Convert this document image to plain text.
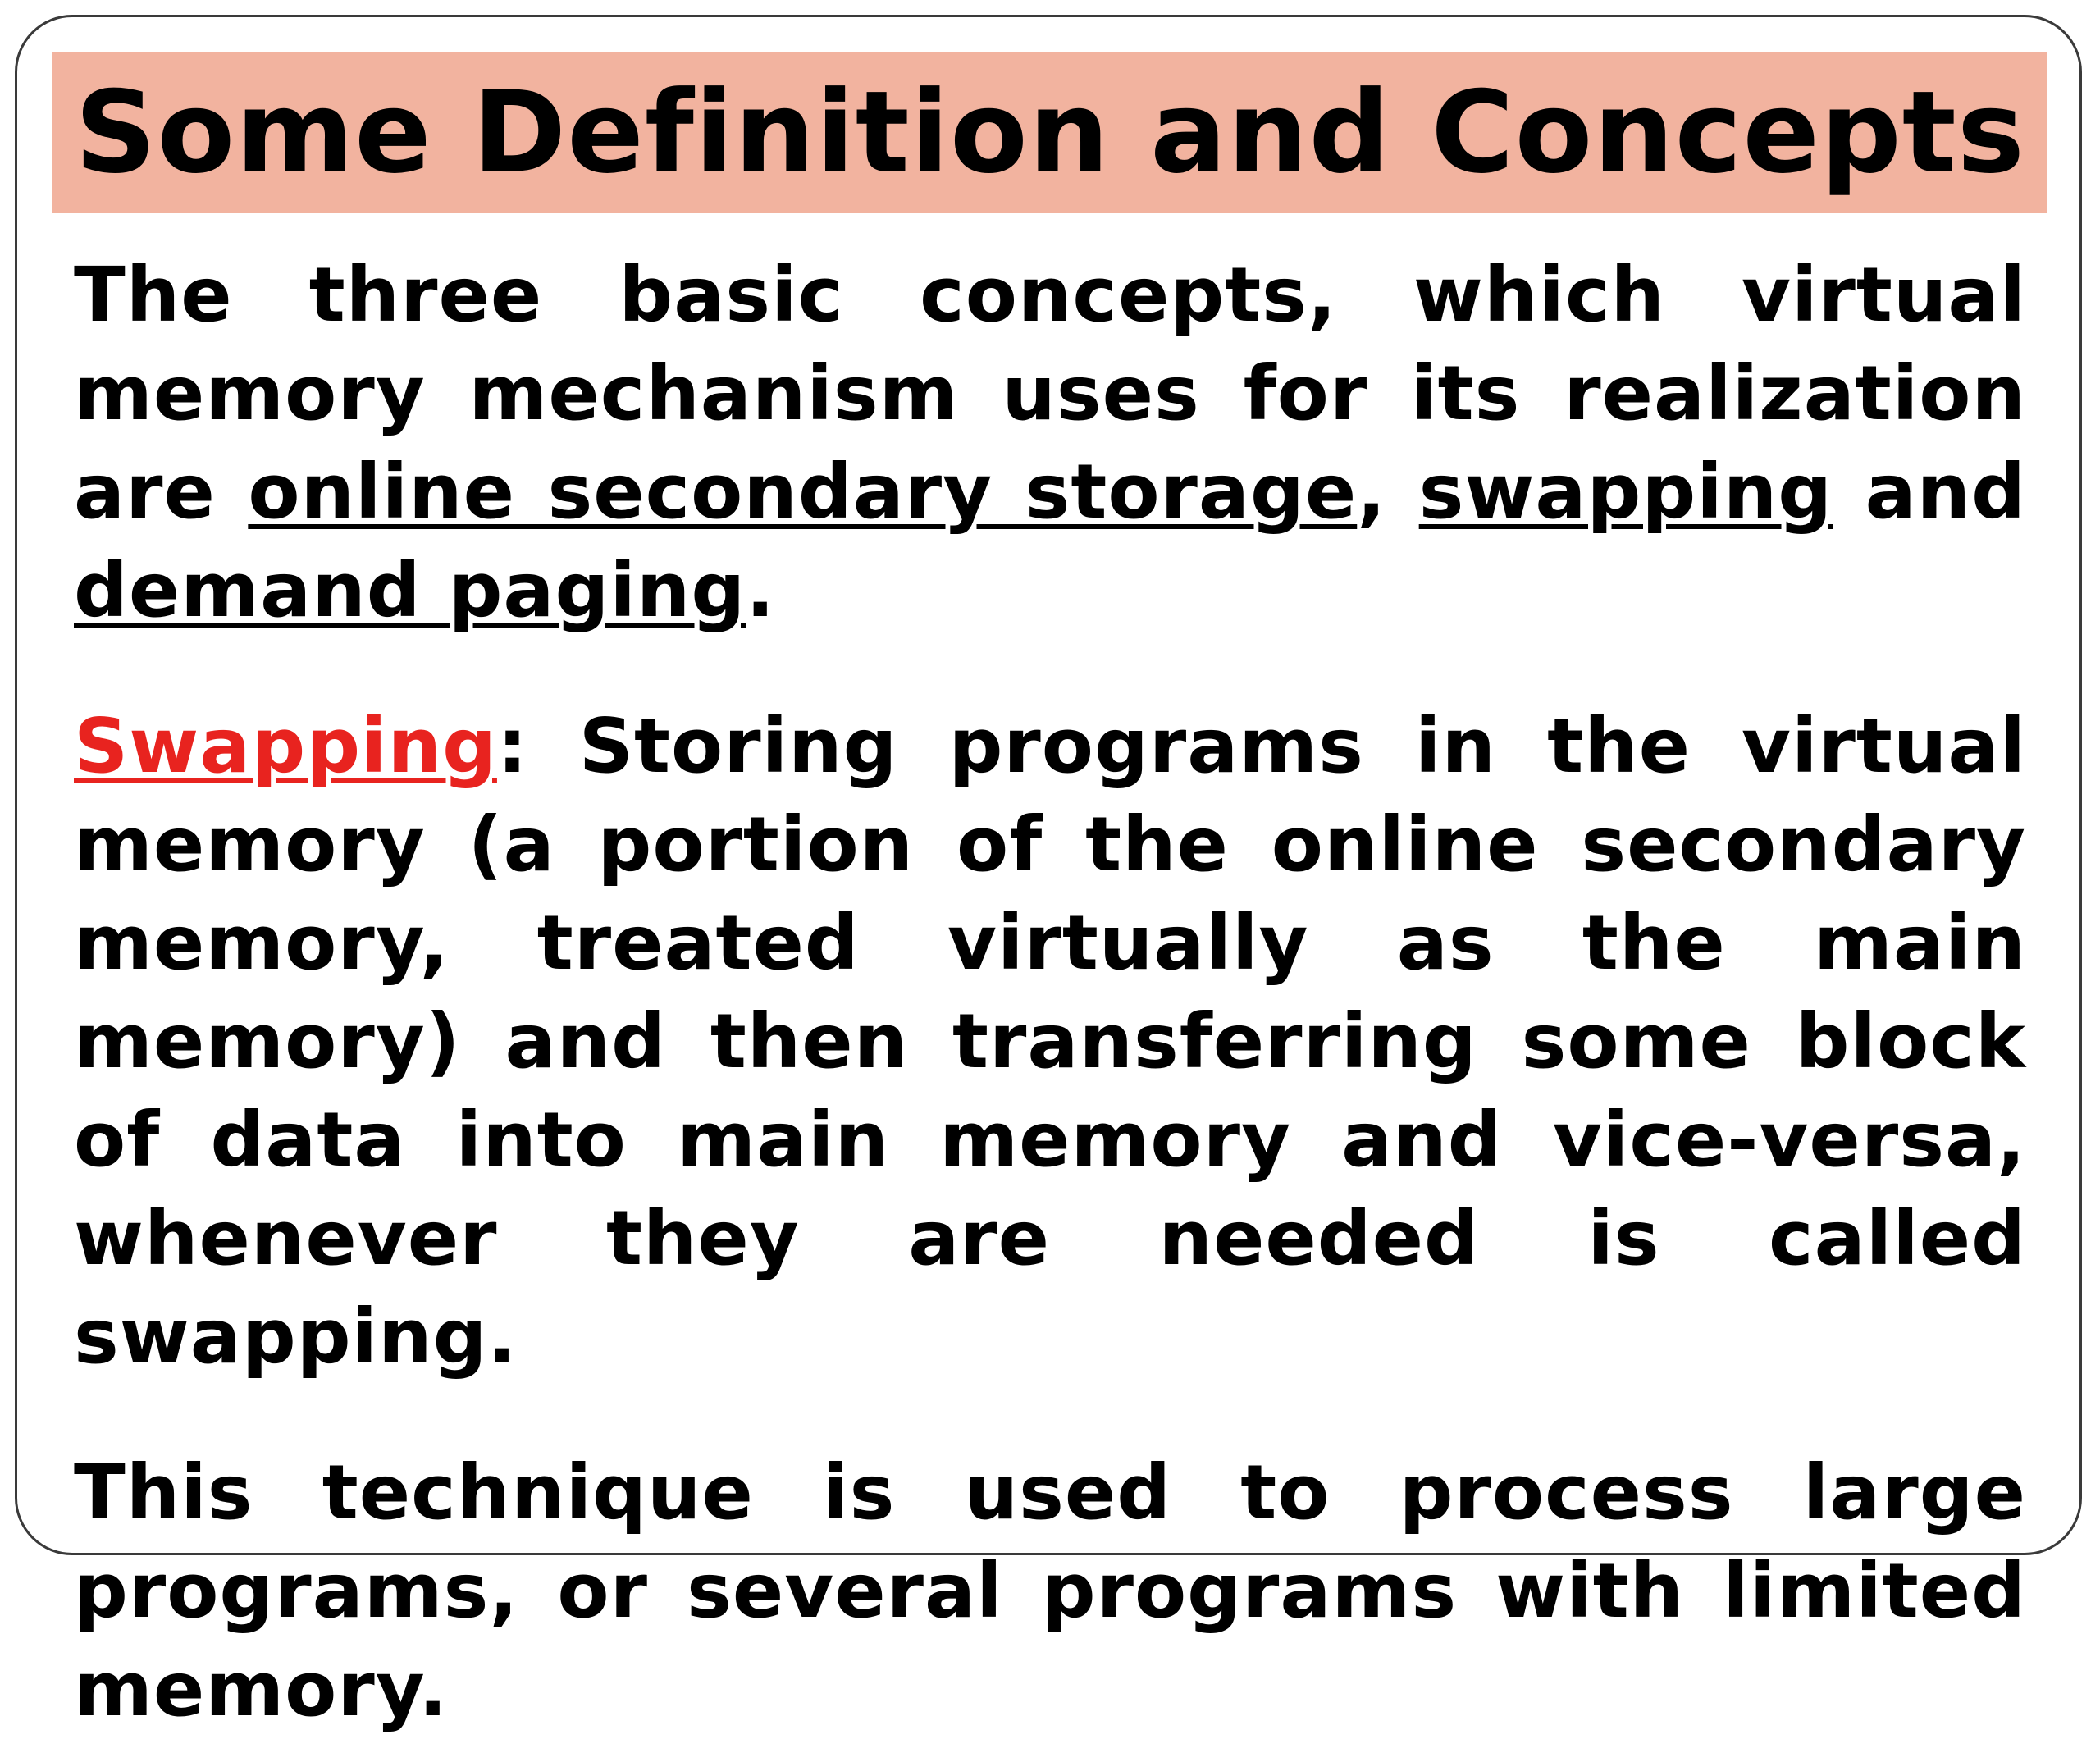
Some Definition and Concepts

The three basic concepts, which virtual memory mechanism uses for its realization are online secondary storage, swapping and demand paging.

Swapping: Storing programs in the virtual memory (a portion of the online secondary memory, treated virtually as the main memory) and then transferring some block of data into main memory and vice-versa, whenever they are needed is called swapping.

This technique is used to process large programs, or several programs with limited memory.
